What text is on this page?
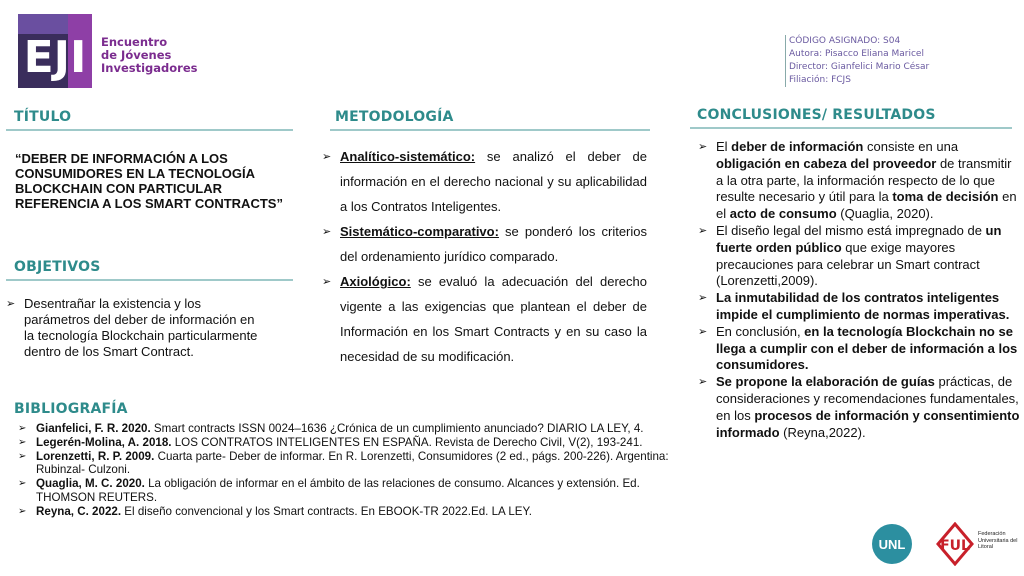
EJI Encuentro
de Jóvenes
Investigadores
CÓDIGO ASIGNADO: S04
Autora: Pisacco Eliana Maricel
Director: Gianfelici Mario César
Filiación: FCJS
TÍTULO
“DEBER DE INFORMACIÓN A LOS CONSUMIDORES EN LA TECNOLOGÍA BLOCKCHAIN CON PARTICULAR REFERENCIA A LOS SMART CONTRACTS”
OBJETIVOS
➢ Desentrañar la existencia y los parámetros del deber de información en la tecnología Blockchain particularmente dentro de los Smart Contract.
METODOLOGÍA
➢ Analítico-sistemático: se analizó el deber de información en el derecho nacional y su aplicabilidad a los Contratos Inteligentes.
➢ Sistemático-comparativo: se ponderó los criterios del ordenamiento jurídico comparado.
➢ Axiológico: se evaluó la adecuación del derecho vigente a las exigencias que plantean el deber de Información en los Smart Contracts y en su caso la necesidad de su modificación.
BIBLIOGRAFÍA
➢ Gianfelici, F. R. 2020. Smart contracts ISSN 0024–1636 ¿Crónica de un cumplimiento anunciado? DIARIO LA LEY, 4.
➢ Legerén-Molina, A. 2018. LOS CONTRATOS INTELIGENTES EN ESPAÑA. Revista de Derecho Civil, V(2), 193-241.
➢ Lorenzetti, R. P. 2009. Cuarta parte- Deber de informar. En R. Lorenzetti, Consumidores (2 ed., págs. 200-226). Argentina: Rubinzal- Culzoni.
➢ Quaglia, M. C. 2020. La obligación de informar en el ámbito de las relaciones de consumo. Alcances y extensión. Ed. THOMSON REUTERS.
➢ Reyna, C. 2022. El diseño convencional y los Smart contracts. En EBOOK-TR 2022.Ed. LA LEY.
CONCLUSIONES/ RESULTADOS
➢ El deber de información consiste en una obligación en cabeza del proveedor de transmitir a la otra parte, la información respecto de lo que resulte necesario y útil para la toma de decisión en el acto de consumo (Quaglia, 2020).
➢ El diseño legal del mismo está impregnado de un fuerte orden público que exige mayores precauciones para celebrar un Smart contract (Lorenzetti,2009).
➢ La inmutabilidad de los contratos inteligentes impide el cumplimiento de normas imperativas.
➢ En conclusión, en la tecnología Blockchain no se llega a cumplir con el deber de información a los consumidores.
➢ Se propone la elaboración de guías prácticas, de consideraciones y recomendaciones fundamentales, en los procesos de información y consentimiento informado (Reyna,2022).
UNL	FUL
Federación Universitaria del Litoral
